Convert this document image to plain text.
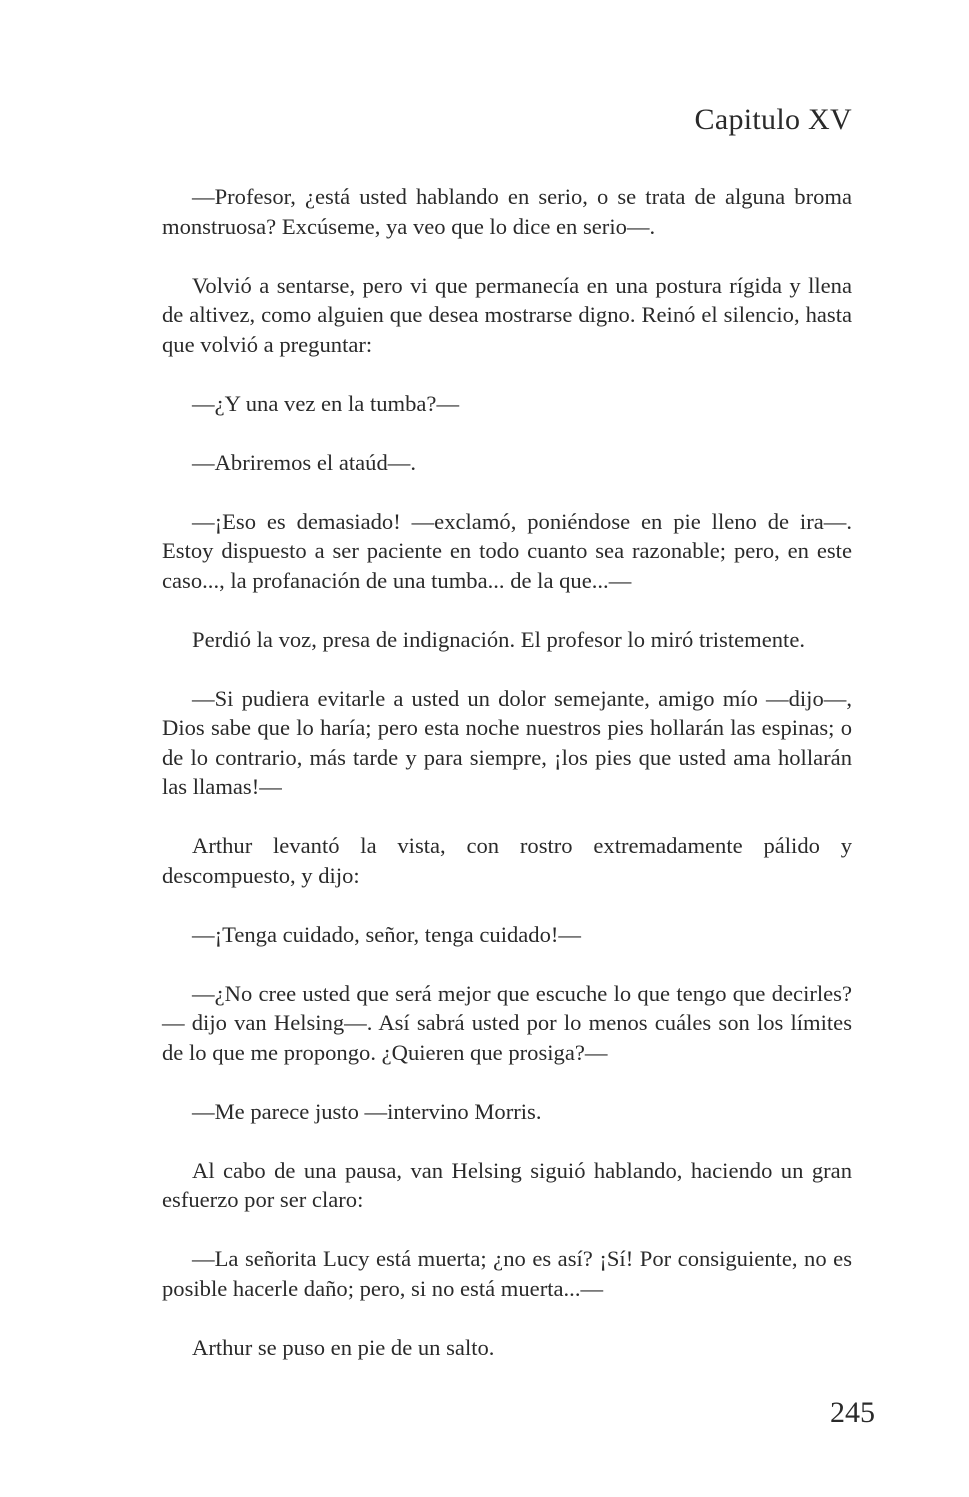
Capitulo XV

—Profesor, ¿está usted hablando en serio, o se trata de alguna broma monstruosa? Excúseme, ya veo que lo dice en serio—.

Volvió a sentarse, pero vi que permanecía en una postura rígida y llena de altivez, como alguien que desea mostrarse digno. Reinó el silencio, hasta que volvió a preguntar:

—¿Y una vez en la tumba?—

—Abriremos el ataúd—.

—¡Eso es demasiado! —exclamó, poniéndose en pie lleno de ira—. Estoy dispuesto a ser paciente en todo cuanto sea razonable; pero, en este caso..., la profanación de una tumba... de la que...—

Perdió la voz, presa de indignación. El profesor lo miró tristemente.

—Si pudiera evitarle a usted un dolor semejante, amigo mío —dijo—, Dios sabe que lo haría; pero esta noche nuestros pies hollarán las espinas; o de lo contrario, más tarde y para siempre, ¡los pies que usted ama hollarán las llamas!—

Arthur levantó la vista, con rostro extremadamente pálido y descompuesto, y dijo:

—¡Tenga cuidado, señor, tenga cuidado!—

—¿No cree usted que será mejor que escuche lo que tengo que decirles? — dijo van Helsing—. Así sabrá usted por lo menos cuáles son los límites de lo que me propongo. ¿Quieren que prosiga?—

—Me parece justo —intervino Morris.

Al cabo de una pausa, van Helsing siguió hablando, haciendo un gran esfuerzo por ser claro:

—La señorita Lucy está muerta; ¿no es así? ¡Sí! Por consiguiente, no es posible hacerle daño; pero, si no está muerta...—

Arthur se puso en pie de un salto.

245
